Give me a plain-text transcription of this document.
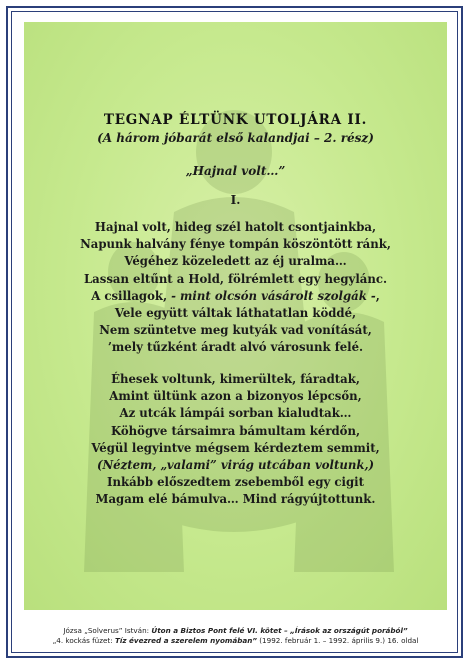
TEGNAP ÉLTÜNK UTOLJÁRA II.
(A három jóbarát első kalandjai – 2. rész)
„Hajnal volt…”
I.
Hajnal volt, hideg szél hatolt csontjainkba,
Napunk halvány fénye tompán köszöntött ránk,
Végéhez közeledett az éj uralma…
Lassan eltűnt a Hold, fölrémlett egy hegylánc.
A csillagok, - mint olcsón vásárolt szolgák -,
Vele együtt váltak láthatatlan köddé,
Nem szüntetve meg kutyák vad vonítását,
’mely tűzként áradt alvó városunk felé.
Éhesek voltunk, kimerültek, fáradtak,
Amint ültünk azon a bizonyos lépcsőn,
Az utcák lámpái sorban kialudtak…
Köhögve társaimra bámultam kérdőn,
Végül legyintve mégsem kérdeztem semmit,
(Néztem, „valami” virág utcában voltunk,)
Inkább előszedtem zsebemből egy cigit
Magam elé bámulva… Mind rágyújtottunk.
Józsa „Solverus” István: Úton a Biztos Pont felé VI. kötet – „Írások az országút porából”
„4. kockás füzet: Tíz évezred a szerelem nyomában” (1992. február 1. – 1992. április 9.) 16. oldal
